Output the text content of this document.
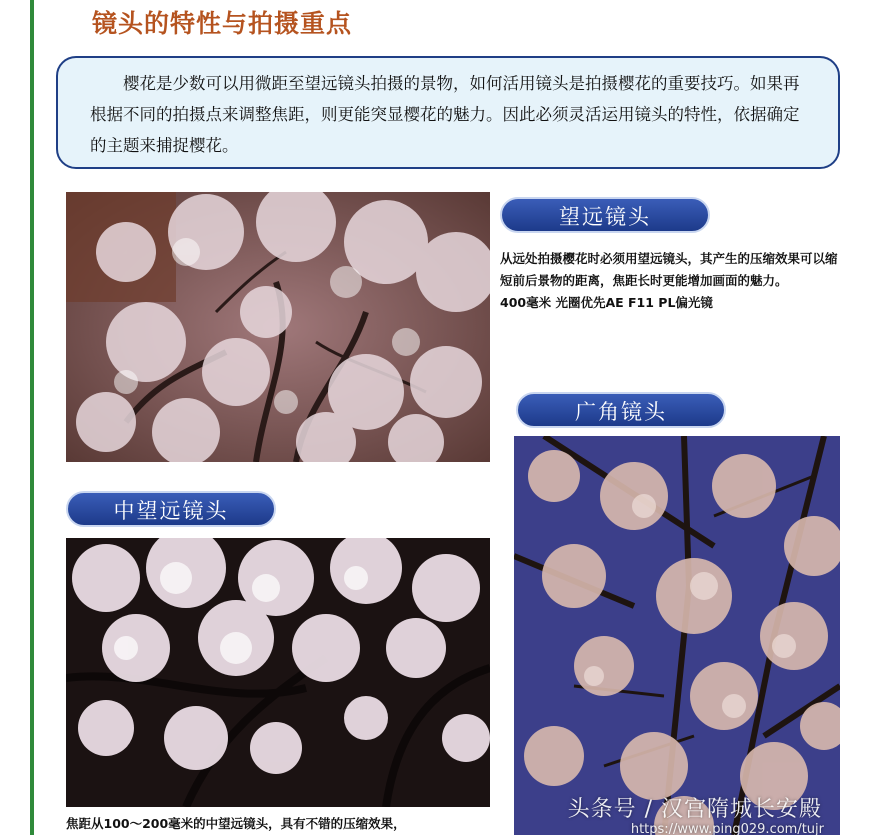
镜头的特性与拍摄重点

樱花是少数可以用微距至望远镜头拍摄的景物，如何活用镜头是拍摄樱花的重要技巧。如果再根据不同的拍摄点来调整焦距，则更能突显樱花的魅力。因此必须灵活运用镜头的特性，依据确定的主题来捕捉樱花。

望远镜头
从远处拍摄樱花时必须用望远镜头，其产生的压缩效果可以缩短前后景物的距离，焦距长时更能增加画面的魅力。
400毫米 光圈优先AE F11 PL偏光镜
广角镜头
头条号 / 汉宫隋城长安殿
https://www.ping029.com/tujr
中望远镜头
焦距从100～200毫米的中望远镜头，具有不错的压缩效果，
